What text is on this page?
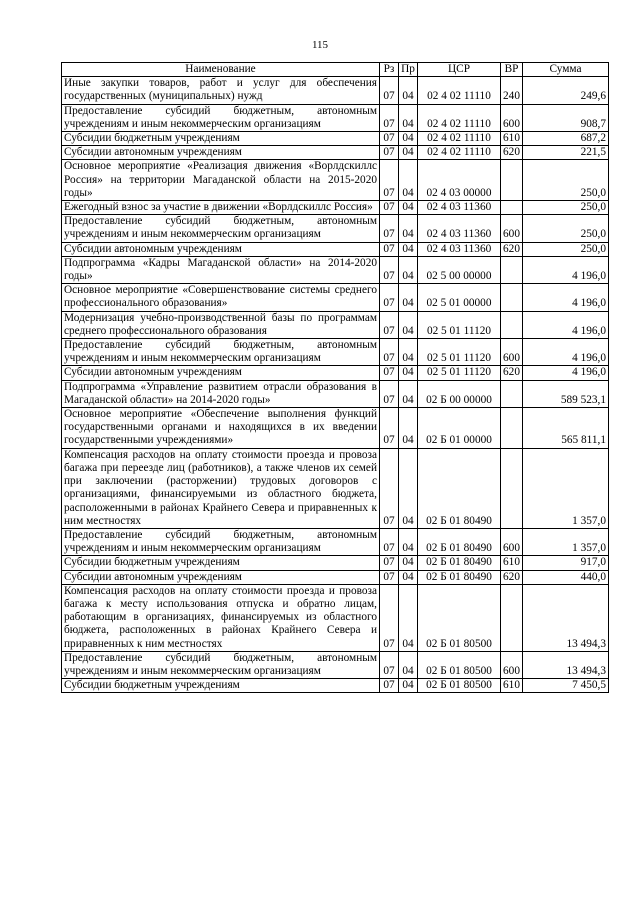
115
Наименование	Рз	Пр	ЦСР	ВР	Сумма
Иные закупки товаров, работ и услуг для обеспечения государственных (муниципальных) нужд	07	04	02 4 02 11110	240	249,6
Предоставление субсидий бюджетным, автономным учреждениям и иным некоммерческим организациям	07	04	02 4 02 11110	600	908,7
Субсидии бюджетным учреждениям	07	04	02 4 02 11110	610	687,2
Субсидии автономным учреждениям	07	04	02 4 02 11110	620	221,5
Основное мероприятие «Реализация движения «Ворлдскиллс Россия» на территории Магаданской области на 2015-2020 годы»	07	04	02 4 03 00000		250,0
Ежегодный взнос за участие в движении «Ворлдскиллс Россия»	07	04	02 4 03 11360		250,0
Предоставление субсидий бюджетным, автономным учреждениям и иным некоммерческим организациям	07	04	02 4 03 11360	600	250,0
Субсидии автономным учреждениям	07	04	02 4 03 11360	620	250,0
Подпрограмма «Кадры Магаданской области» на 2014-2020 годы»	07	04	02 5 00 00000		4 196,0
Основное мероприятие «Совершенствование системы среднего профессионального образования»	07	04	02 5 01 00000		4 196,0
Модернизация учебно-производственной базы по программам среднего профессионального образования	07	04	02 5 01 11120		4 196,0
Предоставление субсидий бюджетным, автономным учреждениям и иным некоммерческим организациям	07	04	02 5 01 11120	600	4 196,0
Субсидии автономным учреждениям	07	04	02 5 01 11120	620	4 196,0
Подпрограмма «Управление развитием отрасли образования в Магаданской области» на 2014-2020 годы»	07	04	02 Б 00 00000		589 523,1
Основное мероприятие «Обеспечение выполнения функций государственными органами и находящихся в их введении государственными учреждениями»	07	04	02 Б 01 00000		565 811,1
Компенсация расходов на оплату стоимости проезда и провоза багажа при переезде лиц (работников), а также членов их семей при заключении (расторжении) трудовых договоров с организациями, финансируемыми из областного бюджета, расположенными в районах Крайнего Севера и приравненных к ним местностях	07	04	02 Б 01 80490		1 357,0
Предоставление субсидий бюджетным, автономным учреждениям и иным некоммерческим организациям	07	04	02 Б 01 80490	600	1 357,0
Субсидии бюджетным учреждениям	07	04	02 Б 01 80490	610	917,0
Субсидии автономным учреждениям	07	04	02 Б 01 80490	620	440,0
Компенсация расходов на оплату стоимости проезда и провоза багажа к месту использования отпуска и обратно лицам, работающим в организациях, финансируемых из областного бюджета, расположенных в районах Крайнего Севера и приравненных к ним местностях	07	04	02 Б 01 80500		13 494,3
Предоставление субсидий бюджетным, автономным учреждениям и иным некоммерческим организациям	07	04	02 Б 01 80500	600	13 494,3
Субсидии бюджетным учреждениям	07	04	02 Б 01 80500	610	7 450,5
